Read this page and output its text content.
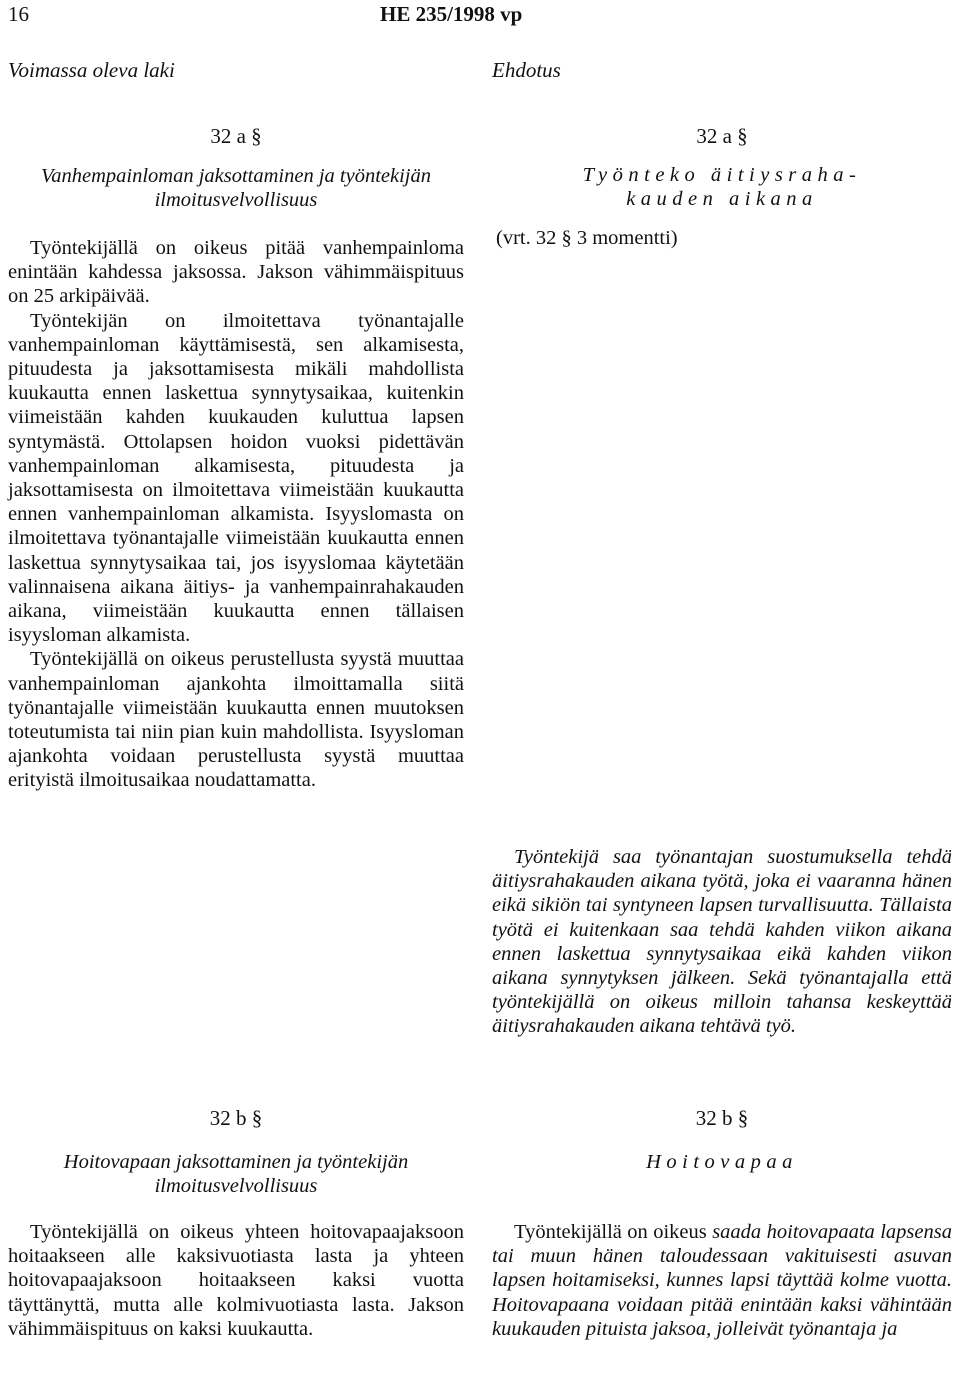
16	HE 235/1998 vp
Voimassa oleva laki	Ehdotus
32 a §
Vanhempainloman jaksottaminen ja työntekijän ilmoitusvelvollisuus

Työntekijällä on oikeus pitää vanhempainloma enintään kahdessa jaksossa. Jakson vähimmäispituus on 25 arkipäivää.

Työntekijän on ilmoitettava työnantajalle vanhempainloman käyttämisestä, sen alkamisesta, pituudesta ja jaksottamisesta mikäli mahdollista kuukautta ennen laskettua synnytysaikaa, kuitenkin viimeistään kahden kuukauden kuluttua lapsen syntymästä. Ottolapsen hoidon vuoksi pidettävän vanhempainloman alkamisesta, pituudesta ja jaksottamisesta on ilmoitettava viimeistään kuukautta ennen vanhempainloman alkamista. Isyyslomasta on ilmoitettava työnantajalle viimeistään kuukautta ennen laskettua synnytysaikaa tai, jos isyyslomaa käytetään valinnaisena aikana äitiys- ja vanhempainrahakauden aikana, viimeistään kuukautta ennen tällaisen isyysloman alkamista.

Työntekijällä on oikeus perustellusta syystä muuttaa vanhempainloman ajankohta ilmoittamalla siitä työnantajalle viimeistään kuukautta ennen muutoksen toteutumista tai niin pian kuin mahdollista. Isyysloman ajankohta voidaan perustellusta syystä muuttaa erityistä ilmoitusaikaa noudattamatta.

32 b §
Hoitovapaan jaksottaminen ja työntekijän ilmoitusvelvollisuus

Työntekijällä on oikeus yhteen hoitovapaajaksoon hoitaakseen alle kaksivuotiasta lasta ja yhteen hoitovapaajaksoon hoitaakseen kaksi vuotta täyttänyttä, mutta alle kolmivuotiasta lasta. Jakson vähimmäispituus on kaksi kuukautta.

32 a §
Työnteko äitiysraha-
kauden aikana
(vrt. 32 § 3 momentti)

Työntekijä saa työnantajan suostumuksella tehdä äitiysrahakauden aikana työtä, joka ei vaaranna hänen eikä sikiön tai syntyneen lapsen turvallisuutta. Tällaista työtä ei kuitenkaan saa tehdä kahden viikon aikana ennen laskettua synnytysaikaa eikä kahden viikon aikana synnytyksen jälkeen. Sekä työnantajalla että työntekijällä on oikeus milloin tahansa keskeyttää äitiysrahakauden aikana tehtävä työ.

32 b §
Hoitovapaa

Työntekijällä on oikeus saada hoitovapaata lapsensa tai muun hänen taloudessaan vakituisesti asuvan lapsen hoitamiseksi, kunnes lapsi täyttää kolme vuotta. Hoitovapaana voidaan pitää enintään kaksi vähintään kuukauden pituista jaksoa, jolleivät työnantaja ja
